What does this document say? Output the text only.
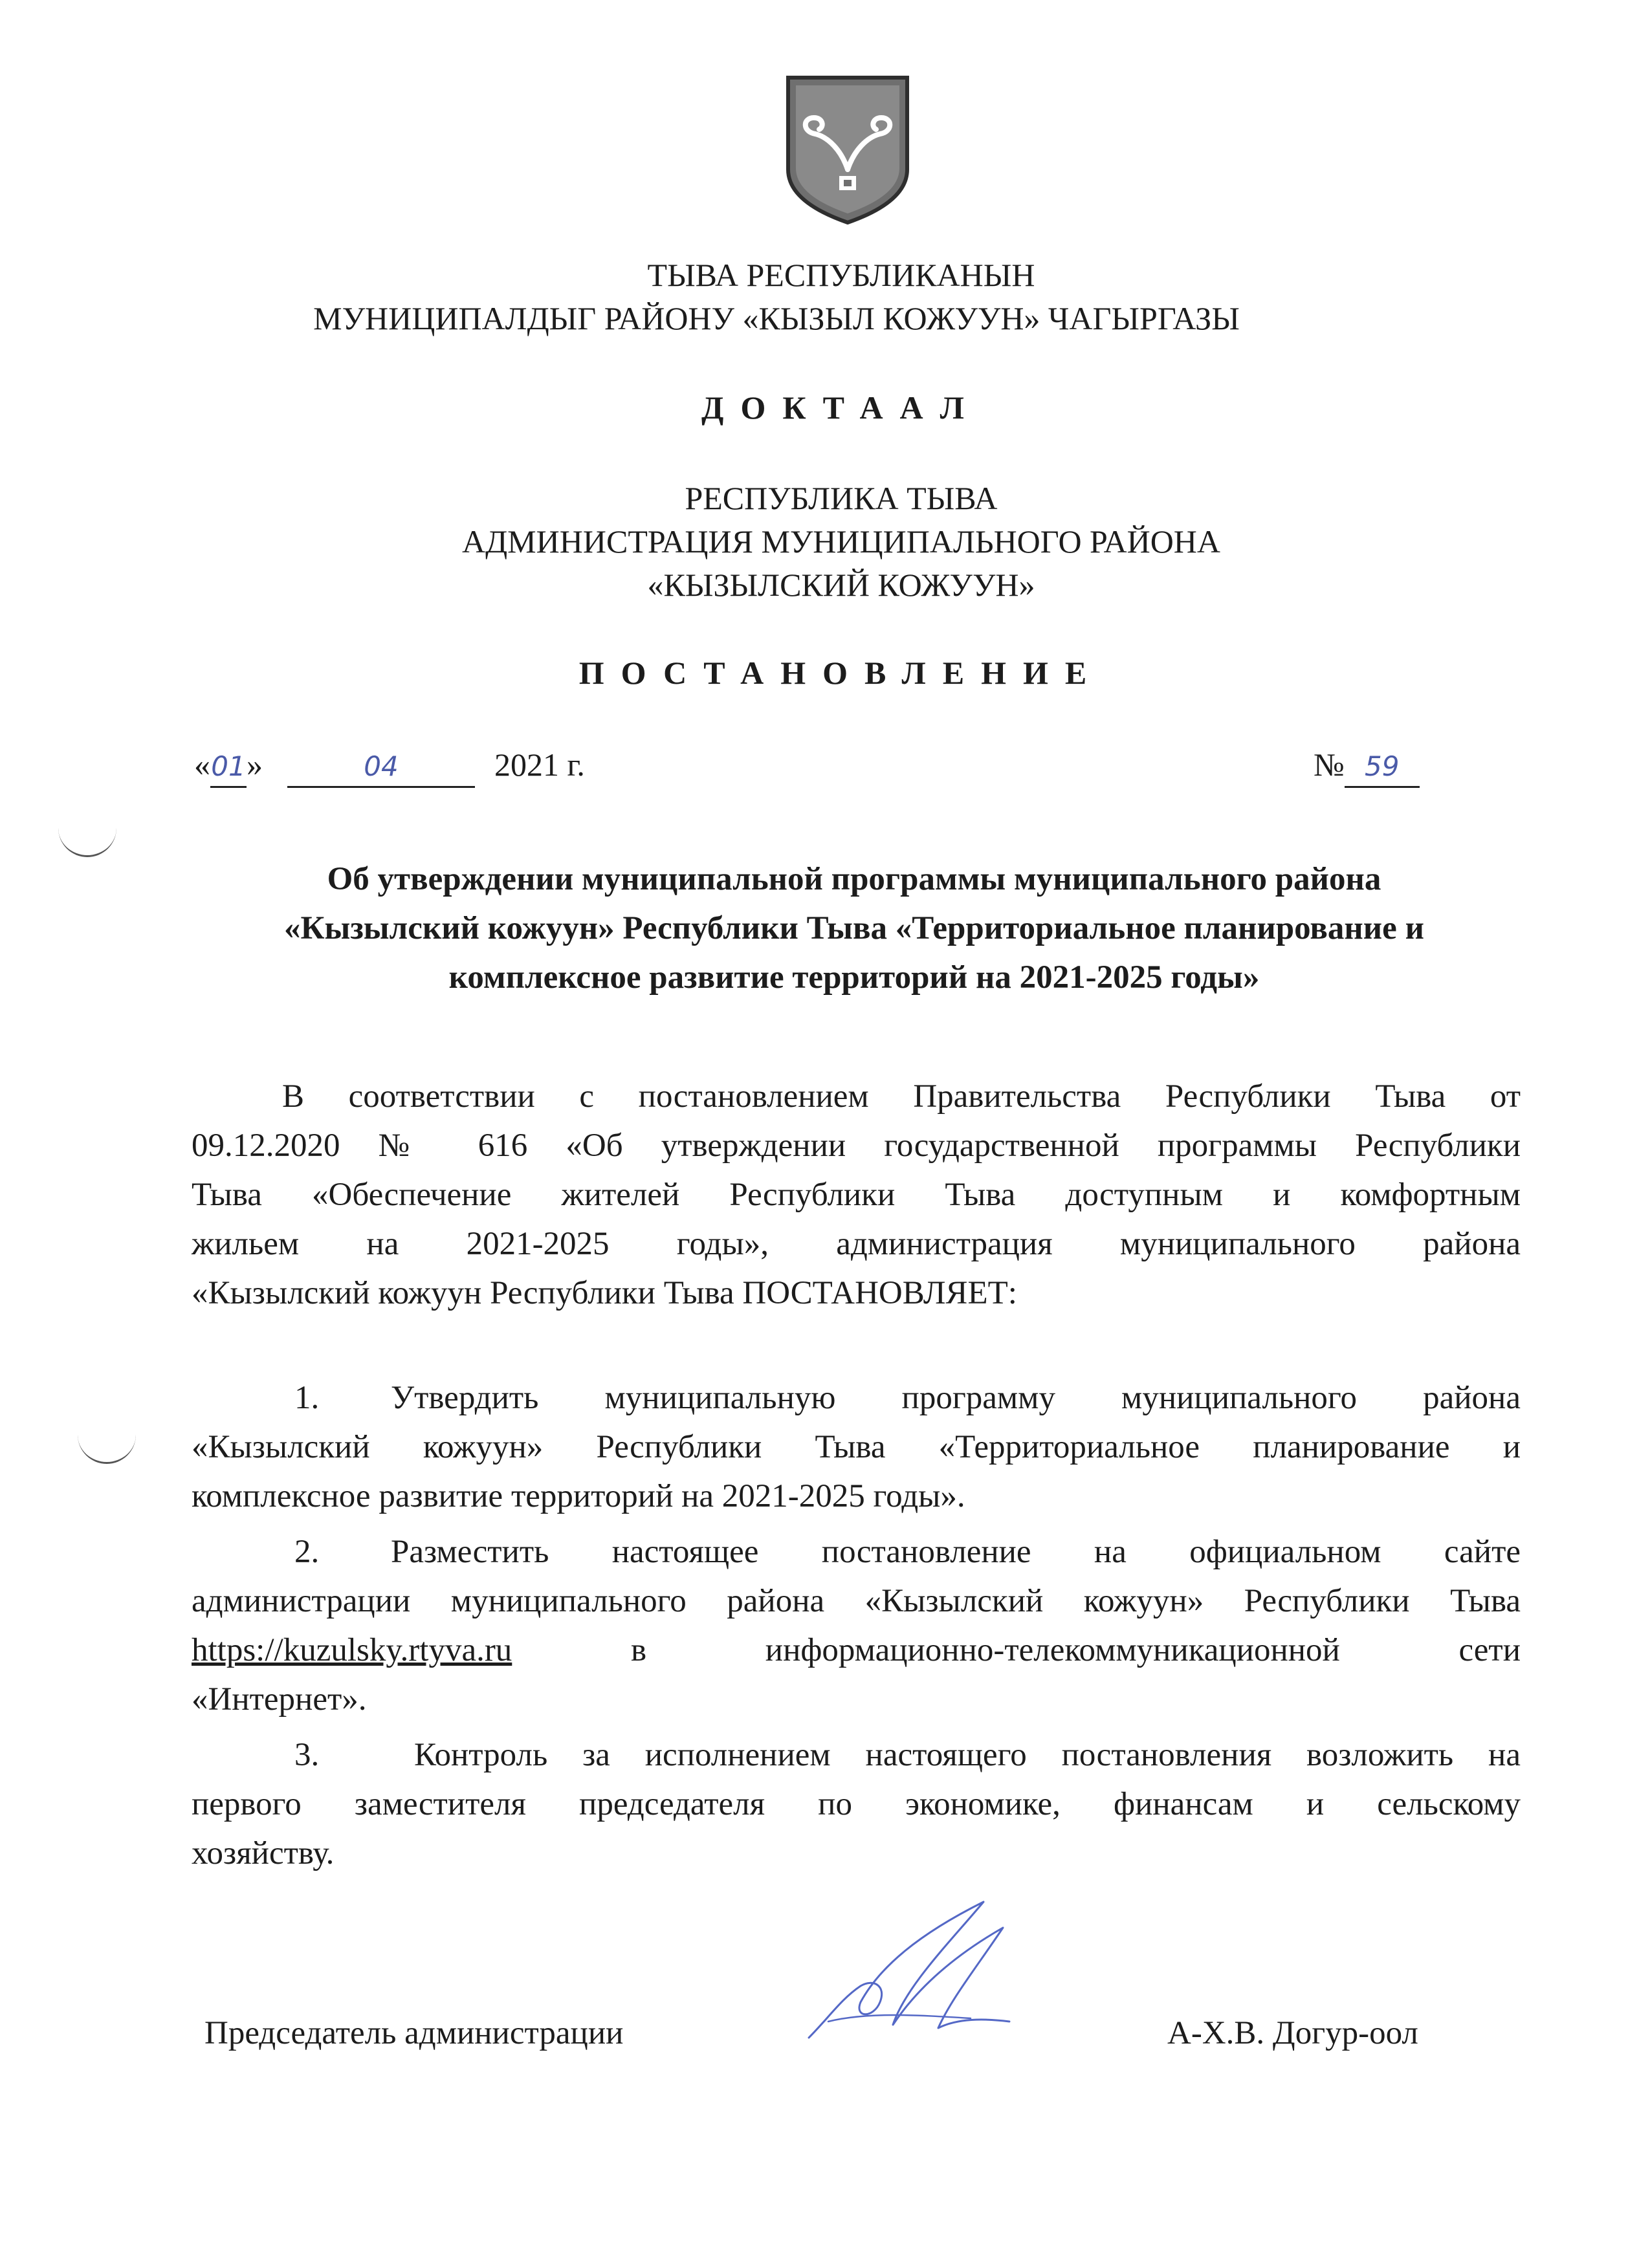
ТЫВА РЕСПУБЛИКАНЫН
МУНИЦИПАЛДЫГ РАЙОНУ «КЫЗЫЛ КОЖУУН» ЧАГЫРГАЗЫ
ДОКТААЛ
РЕСПУБЛИКА ТЫВА
АДМИНИСТРАЦИЯ МУНИЦИПАЛЬНОГО РАЙОНА
«КЫЗЫЛСКИЙ КОЖУУН»
ПОСТАНОВЛЕНИЕ
«01»	04	2021 г.	№ 59
Об утверждении муниципальной программы муниципального района
«Кызылский кожуун» Республики Тыва «Территориальное планирование и
комплексное развитие территорий на 2021-2025 годы»
В соответствии с постановлением Правительства Республики Тыва от
09.12.2020 № 616 «Об утверждении государственной программы Республики
Тыва «Обеспечение жителей Республики Тыва доступным и комфортным
жильем на 2021-2025 годы», администрация муниципального района
«Кызылский кожуун Республики Тыва ПОСТАНОВЛЯЕТ:
1. Утвердить муниципальную программу муниципального района
«Кызылский кожуун» Республики Тыва «Территориальное планирование и
комплексное развитие территорий на 2021-2025 годы».
2. Разместить настоящее постановление на официальном сайте
администрации муниципального района «Кызылский кожуун» Республики Тыва
https://kuzulsky.rtyva.ru	в	информационно-телекоммуникационной	сети
«Интернет».
3.	Контроль за исполнением настоящего постановления возложить на
первого заместителя председателя по экономике, финансам и сельскому
хозяйству.
Председатель администрации	А-Х.В. Догур-оол
